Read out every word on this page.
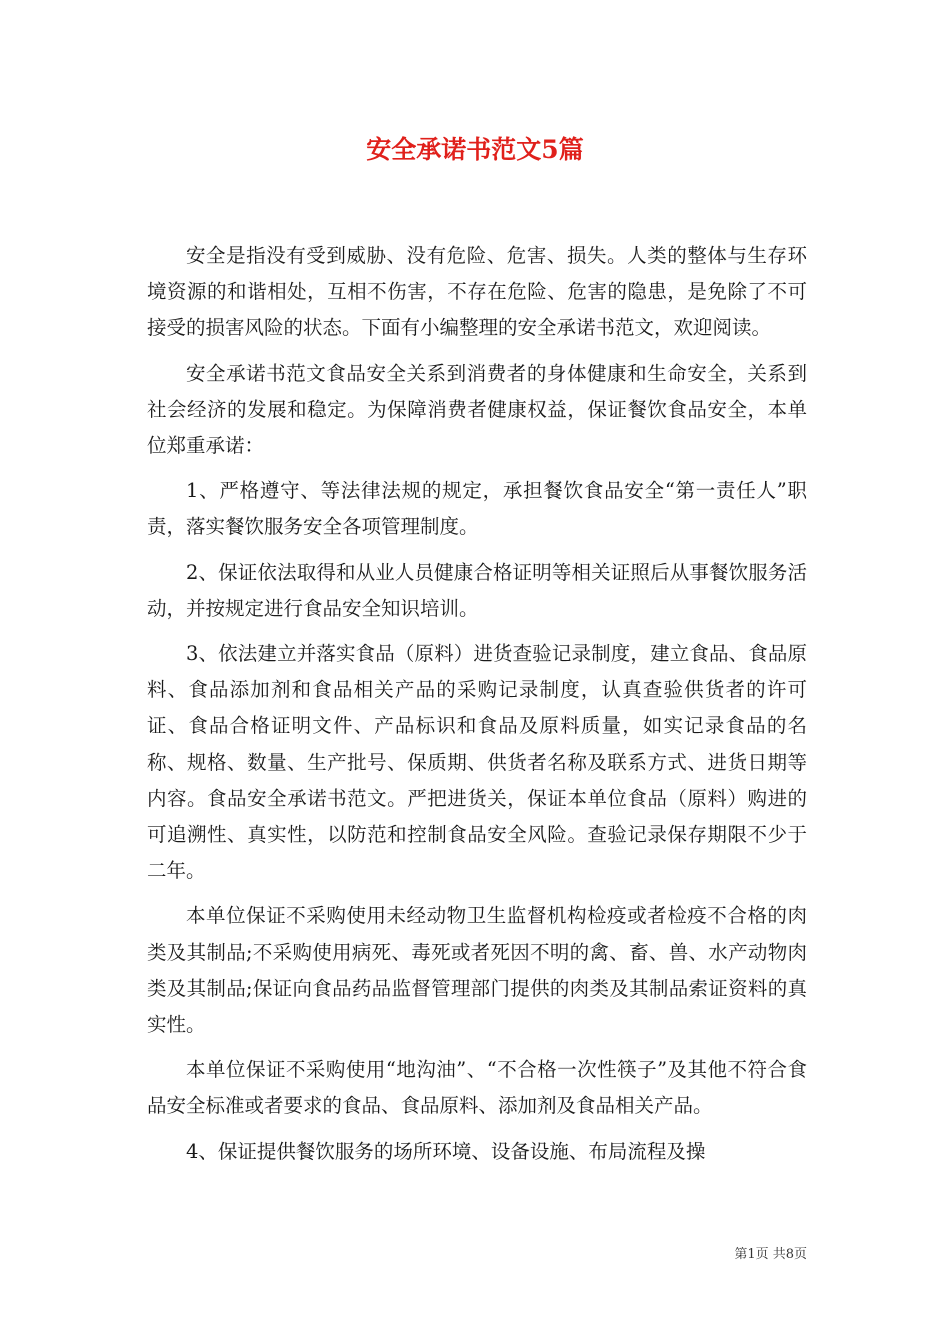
安全承诺书范文5篇

安全是指没有受到威胁、没有危险、危害、损失。人类的整体与生存环境资源的和谐相处，互相不伤害，不存在危险、危害的隐患，是免除了不可接受的损害风险的状态。下面有小编整理的安全承诺书范文，欢迎阅读。

安全承诺书范文食品安全关系到消费者的身体健康和生命安全，关系到社会经济的发展和稳定。为保障消费者健康权益，保证餐饮食品安全，本单位郑重承诺：

1、严格遵守、等法律法规的规定，承担餐饮食品安全“第一责任人”职责，落实餐饮服务安全各项管理制度。

2、保证依法取得和从业人员健康合格证明等相关证照后从事餐饮服务活动，并按规定进行食品安全知识培训。

3、依法建立并落实食品（原料）进货查验记录制度，建立食品、食品原料、食品添加剂和食品相关产品的采购记录制度，认真查验供货者的许可证、食品合格证明文件、产品标识和食品及原料质量，如实记录食品的名称、规格、数量、生产批号、保质期、供货者名称及联系方式、进货日期等内容。食品安全承诺书范文。严把进货关，保证本单位食品（原料）购进的可追溯性、真实性，以防范和控制食品安全风险。查验记录保存期限不少于二年。

本单位保证不采购使用未经动物卫生监督机构检疫或者检疫不合格的肉类及其制品;不采购使用病死、毒死或者死因不明的禽、畜、兽、水产动物肉类及其制品;保证向食品药品监督管理部门提供的肉类及其制品索证资料的真实性。

本单位保证不采购使用“地沟油”、“不合格一次性筷子”及其他不符合食品安全标准或者要求的食品、食品原料、添加剂及食品相关产品。

4、保证提供餐饮服务的场所环境、设备设施、布局流程及操

第1页 共8页
